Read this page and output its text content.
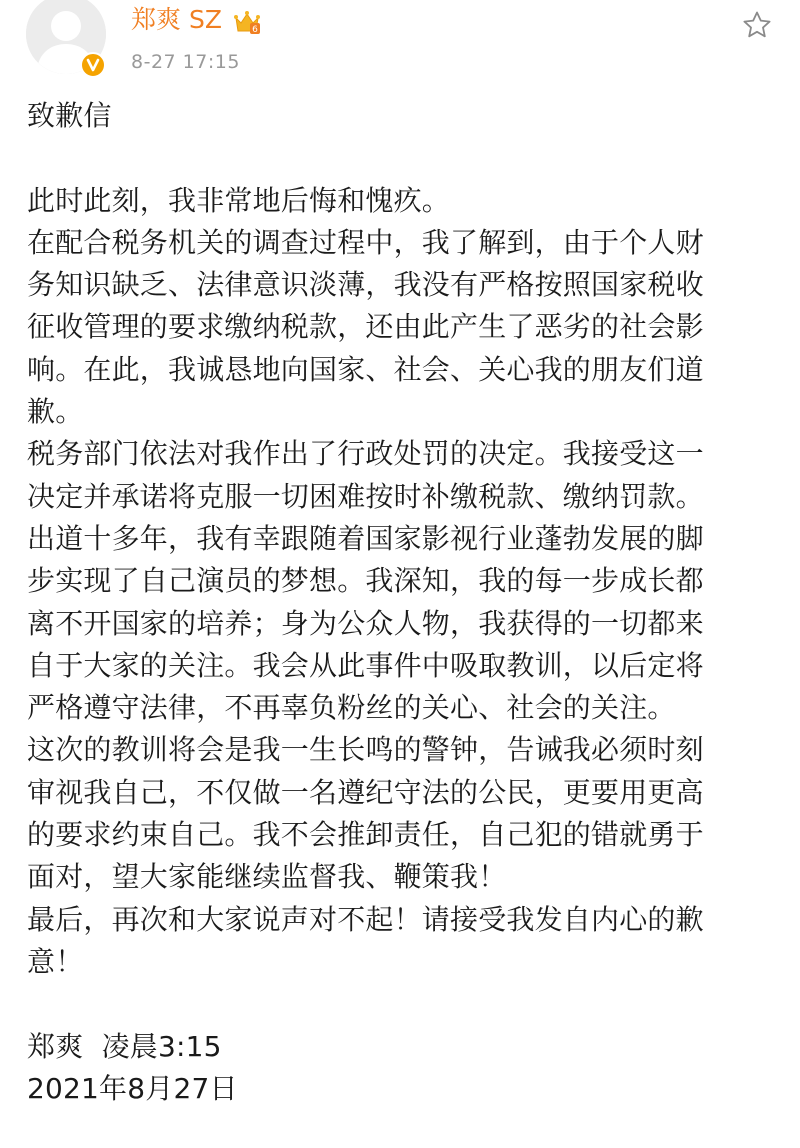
郑爽 SZ	6
8-27 17:15
致歉信
此时此刻，我非常地后悔和愧疚。
在配合税务机关的调查过程中，我了解到，由于个人财
务知识缺乏、法律意识淡薄，我没有严格按照国家税收
征收管理的要求缴纳税款，还由此产生了恶劣的社会影
响。在此，我诚恳地向国家、社会、关心我的朋友们道
歉。
税务部门依法对我作出了行政处罚的决定。我接受这一
决定并承诺将克服一切困难按时补缴税款、缴纳罚款。
出道十多年，我有幸跟随着国家影视行业蓬勃发展的脚
步实现了自己演员的梦想。我深知，我的每一步成长都
离不开国家的培养；身为公众人物，我获得的一切都来
自于大家的关注。我会从此事件中吸取教训，以后定将
严格遵守法律，不再辜负粉丝的关心、社会的关注。
这次的教训将会是我一生长鸣的警钟，告诫我必须时刻
审视我自己，不仅做一名遵纪守法的公民，更要用更高
的要求约束自己。我不会推卸责任，自己犯的错就勇于
面对，望大家能继续监督我、鞭策我！
最后，再次和大家说声对不起！请接受我发自内心的歉
意！
郑爽  凌晨3:15
2021年8月27日
